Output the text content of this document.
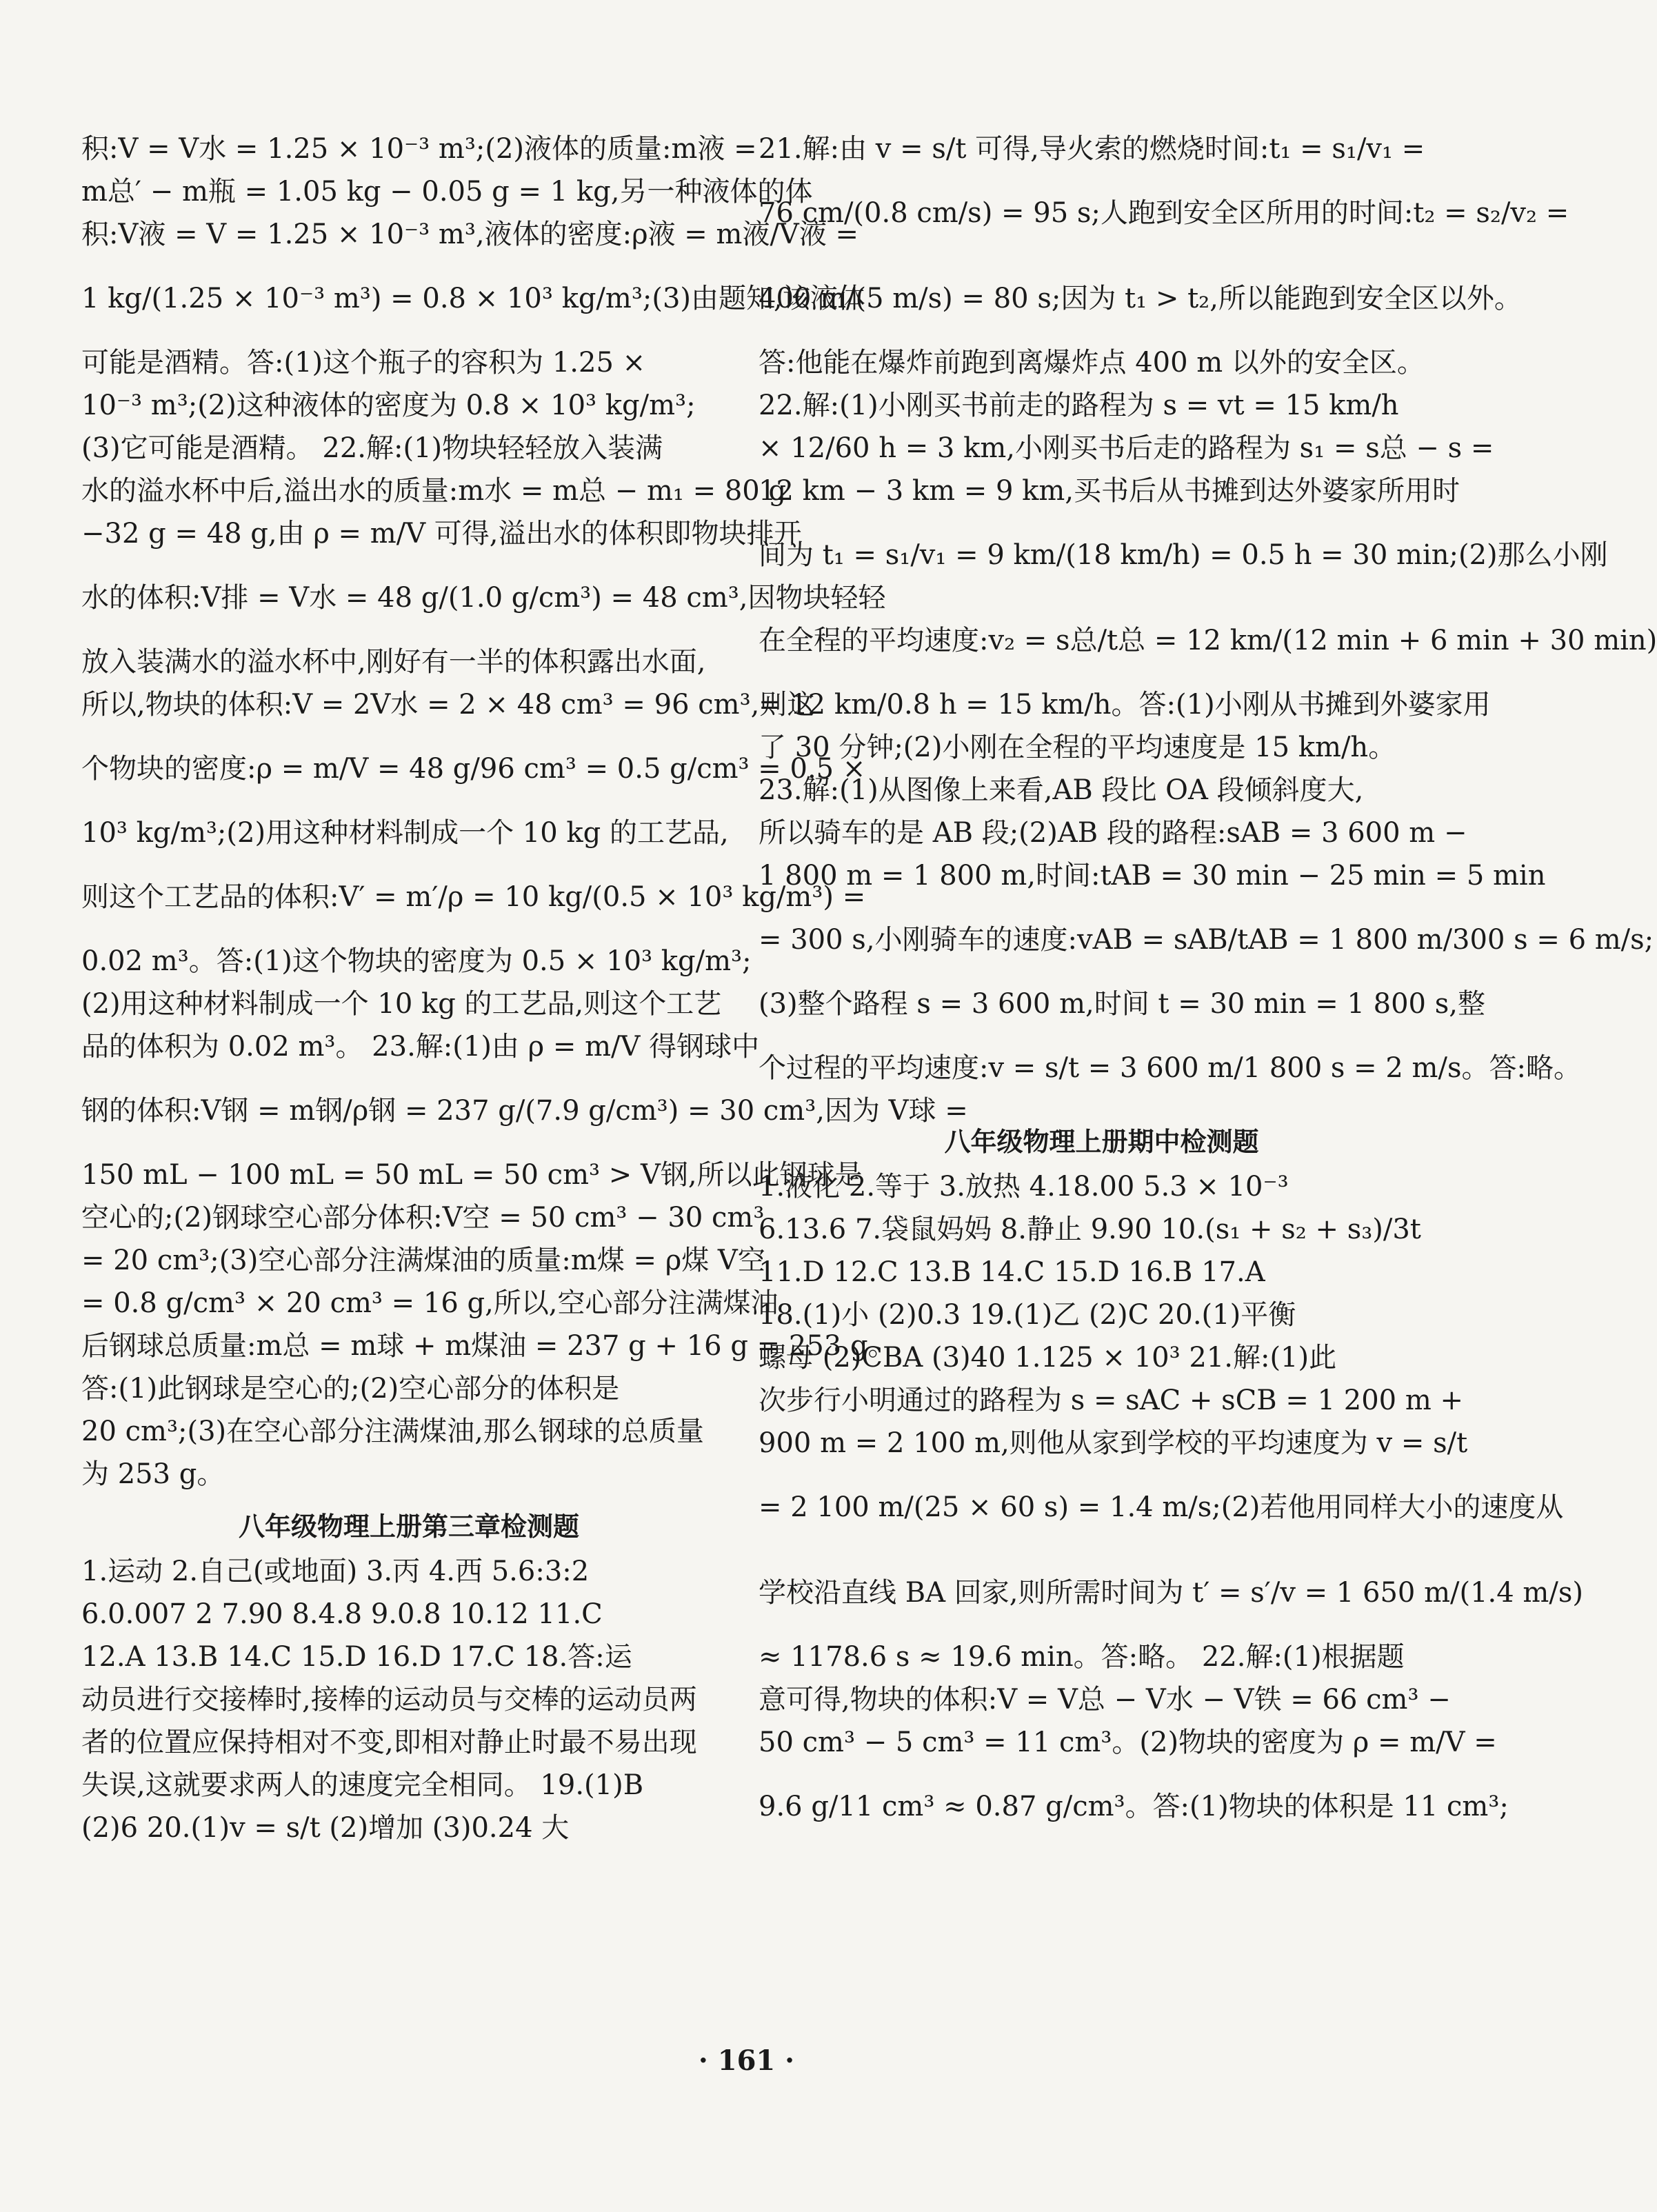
积:V = V水 = 1.25 × 10⁻³ m³;(2)液体的质量:m液 =
m总′ − m瓶 = 1.05 kg − 0.05 g = 1 kg,另一种液体的体
积:V液 = V = 1.25 × 10⁻³ m³,液体的密度:ρ液 = m液/V液 =
1 kg/(1.25 × 10⁻³ m³) = 0.8 × 10³ kg/m³;(3)由题知,该液体
可能是酒精。答:(1)这个瓶子的容积为 1.25 ×
10⁻³ m³;(2)这种液体的密度为 0.8 × 10³ kg/m³;
(3)它可能是酒精。 22.解:(1)物块轻轻放入装满
水的溢水杯中后,溢出水的质量:m水 = m总 − m₁ = 80 g
−32 g = 48 g,由 ρ = m/V 可得,溢出水的体积即物块排开
水的体积:V排 = V水 = 48 g/(1.0 g/cm³) = 48 cm³,因物块轻轻
放入装满水的溢水杯中,刚好有一半的体积露出水面,
所以,物块的体积:V = 2V水 = 2 × 48 cm³ = 96 cm³,则这
个物块的密度:ρ = m/V = 48 g/96 cm³ = 0.5 g/cm³ = 0.5 ×
10³ kg/m³;(2)用这种材料制成一个 10 kg 的工艺品,
则这个工艺品的体积:V′ = m′/ρ = 10 kg/(0.5 × 10³ kg/m³) =
0.02 m³。答:(1)这个物块的密度为 0.5 × 10³ kg/m³;
(2)用这种材料制成一个 10 kg 的工艺品,则这个工艺
品的体积为 0.02 m³。 23.解:(1)由 ρ = m/V 得钢球中
钢的体积:V钢 = m钢/ρ钢 = 237 g/(7.9 g/cm³) = 30 cm³,因为 V球 =
150 mL − 100 mL = 50 mL = 50 cm³ > V钢,所以此钢球是
空心的;(2)钢球空心部分体积:V空 = 50 cm³ − 30 cm³
= 20 cm³;(3)空心部分注满煤油的质量:m煤 = ρ煤 V空
= 0.8 g/cm³ × 20 cm³ = 16 g,所以,空心部分注满煤油
后钢球总质量:m总 = m球 + m煤油 = 237 g + 16 g = 253 g。
答:(1)此钢球是空心的;(2)空心部分的体积是
20 cm³;(3)在空心部分注满煤油,那么钢球的总质量
为 253 g。
八年级物理上册第三章检测题
1.运动 2.自己(或地面) 3.丙 4.西 5.6:3:2
6.0.007 2 7.90 8.4.8 9.0.8 10.12 11.C
12.A 13.B 14.C 15.D 16.D 17.C 18.答:运
动员进行交接棒时,接棒的运动员与交棒的运动员两
者的位置应保持相对不变,即相对静止时最不易出现
失误,这就要求两人的速度完全相同。 19.(1)B
(2)6 20.(1)v = s/t (2)增加 (3)0.24 大
21.解:由 v = s/t 可得,导火索的燃烧时间:t₁ = s₁/v₁ =
76 cm/(0.8 cm/s) = 95 s;人跑到安全区所用的时间:t₂ = s₂/v₂ =
400 m/(5 m/s) = 80 s;因为 t₁ > t₂,所以能跑到安全区以外。
答:他能在爆炸前跑到离爆炸点 400 m 以外的安全区。
22.解:(1)小刚买书前走的路程为 s = vt = 15 km/h
× 12/60 h = 3 km,小刚买书后走的路程为 s₁ = s总 − s =
12 km − 3 km = 9 km,买书后从书摊到达外婆家所用时
间为 t₁ = s₁/v₁ = 9 km/(18 km/h) = 0.5 h = 30 min;(2)那么小刚
在全程的平均速度:v₂ = s总/t总 = 12 km/(12 min + 6 min + 30 min)
= 12 km/0.8 h = 15 km/h。答:(1)小刚从书摊到外婆家用
了 30 分钟;(2)小刚在全程的平均速度是 15 km/h。
23.解:(1)从图像上来看,AB 段比 OA 段倾斜度大,
所以骑车的是 AB 段;(2)AB 段的路程:sAB = 3 600 m −
1 800 m = 1 800 m,时间:tAB = 30 min − 25 min = 5 min
= 300 s,小刚骑车的速度:vAB = sAB/tAB = 1 800 m/300 s = 6 m/s;
(3)整个路程 s = 3 600 m,时间 t = 30 min = 1 800 s,整
个过程的平均速度:v = s/t = 3 600 m/1 800 s = 2 m/s。答:略。
八年级物理上册期中检测题
1.液化 2.等于 3.放热 4.18.00 5.3 × 10⁻³
6.13.6 7.袋鼠妈妈 8.静止 9.90 10.(s₁ + s₂ + s₃)/3t
11.D 12.C 13.B 14.C 15.D 16.B 17.A
18.(1)小 (2)0.3 19.(1)乙 (2)C 20.(1)平衡
螺母 (2)CBA (3)40 1.125 × 10³ 21.解:(1)此
次步行小明通过的路程为 s = sAC + sCB = 1 200 m +
900 m = 2 100 m,则他从家到学校的平均速度为 v = s/t
= 2 100 m/(25 × 60 s) = 1.4 m/s;(2)若他用同样大小的速度从
学校沿直线 BA 回家,则所需时间为 t′ = s′/v = 1 650 m/(1.4 m/s)
≈ 1178.6 s ≈ 19.6 min。答:略。 22.解:(1)根据题
意可得,物块的体积:V = V总 − V水 − V铁 = 66 cm³ −
50 cm³ − 5 cm³ = 11 cm³。(2)物块的密度为 ρ = m/V =
9.6 g/11 cm³ ≈ 0.87 g/cm³。答:(1)物块的体积是 11 cm³;
· 161 ·
